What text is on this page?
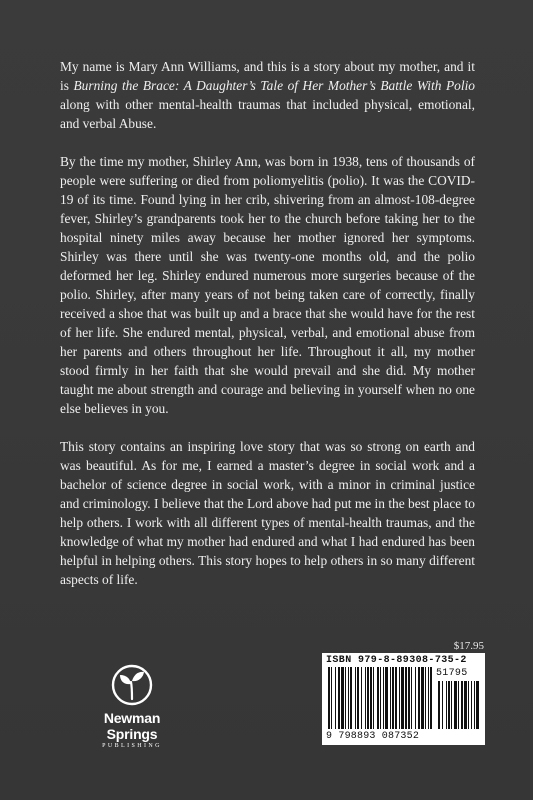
My name is Mary Ann Williams, and this is a story about my mother, and it is Burning the Brace: A Daughter’s Tale of Her Mother’s Battle With Polio along with other mental-health traumas that included physical, emotional, and verbal Abuse.

By the time my mother, Shirley Ann, was born in 1938, tens of thousands of people were suffering or died from poliomyelitis (polio). It was the COVID-19 of its time. Found lying in her crib, shivering from an almost-108-degree fever, Shirley’s grandparents took her to the church before taking her to the hospital ninety miles away because her mother ignored her symptoms. Shirley was there until she was twenty-one months old, and the polio deformed her leg. Shirley endured numerous more surgeries because of the polio. Shirley, after many years of not being taken care of correctly, finally received a shoe that was built up and a brace that she would have for the rest of her life. She endured mental, physical, verbal, and emotional abuse from her parents and others throughout her life. Throughout it all, my mother stood firmly in her faith that she would prevail and she did. My mother taught me about strength and courage and believing in yourself when no one else believes in you.

This story contains an inspiring love story that was so strong on earth and was beautiful. As for me, I earned a master’s degree in social work and a bachelor of science degree in social work, with a minor in criminal justice and criminology. I believe that the Lord above had put me in the best place to help others. I work with all different types of mental-health traumas, and the knowledge of what my mother had endured and what I had endured has been helpful in helping others. This story hopes to help others in so many different aspects of life.

Newman Springs
PUBLISHING
$17.95
ISBN 979-8-89308-735-2
51795
9 798893 087352
